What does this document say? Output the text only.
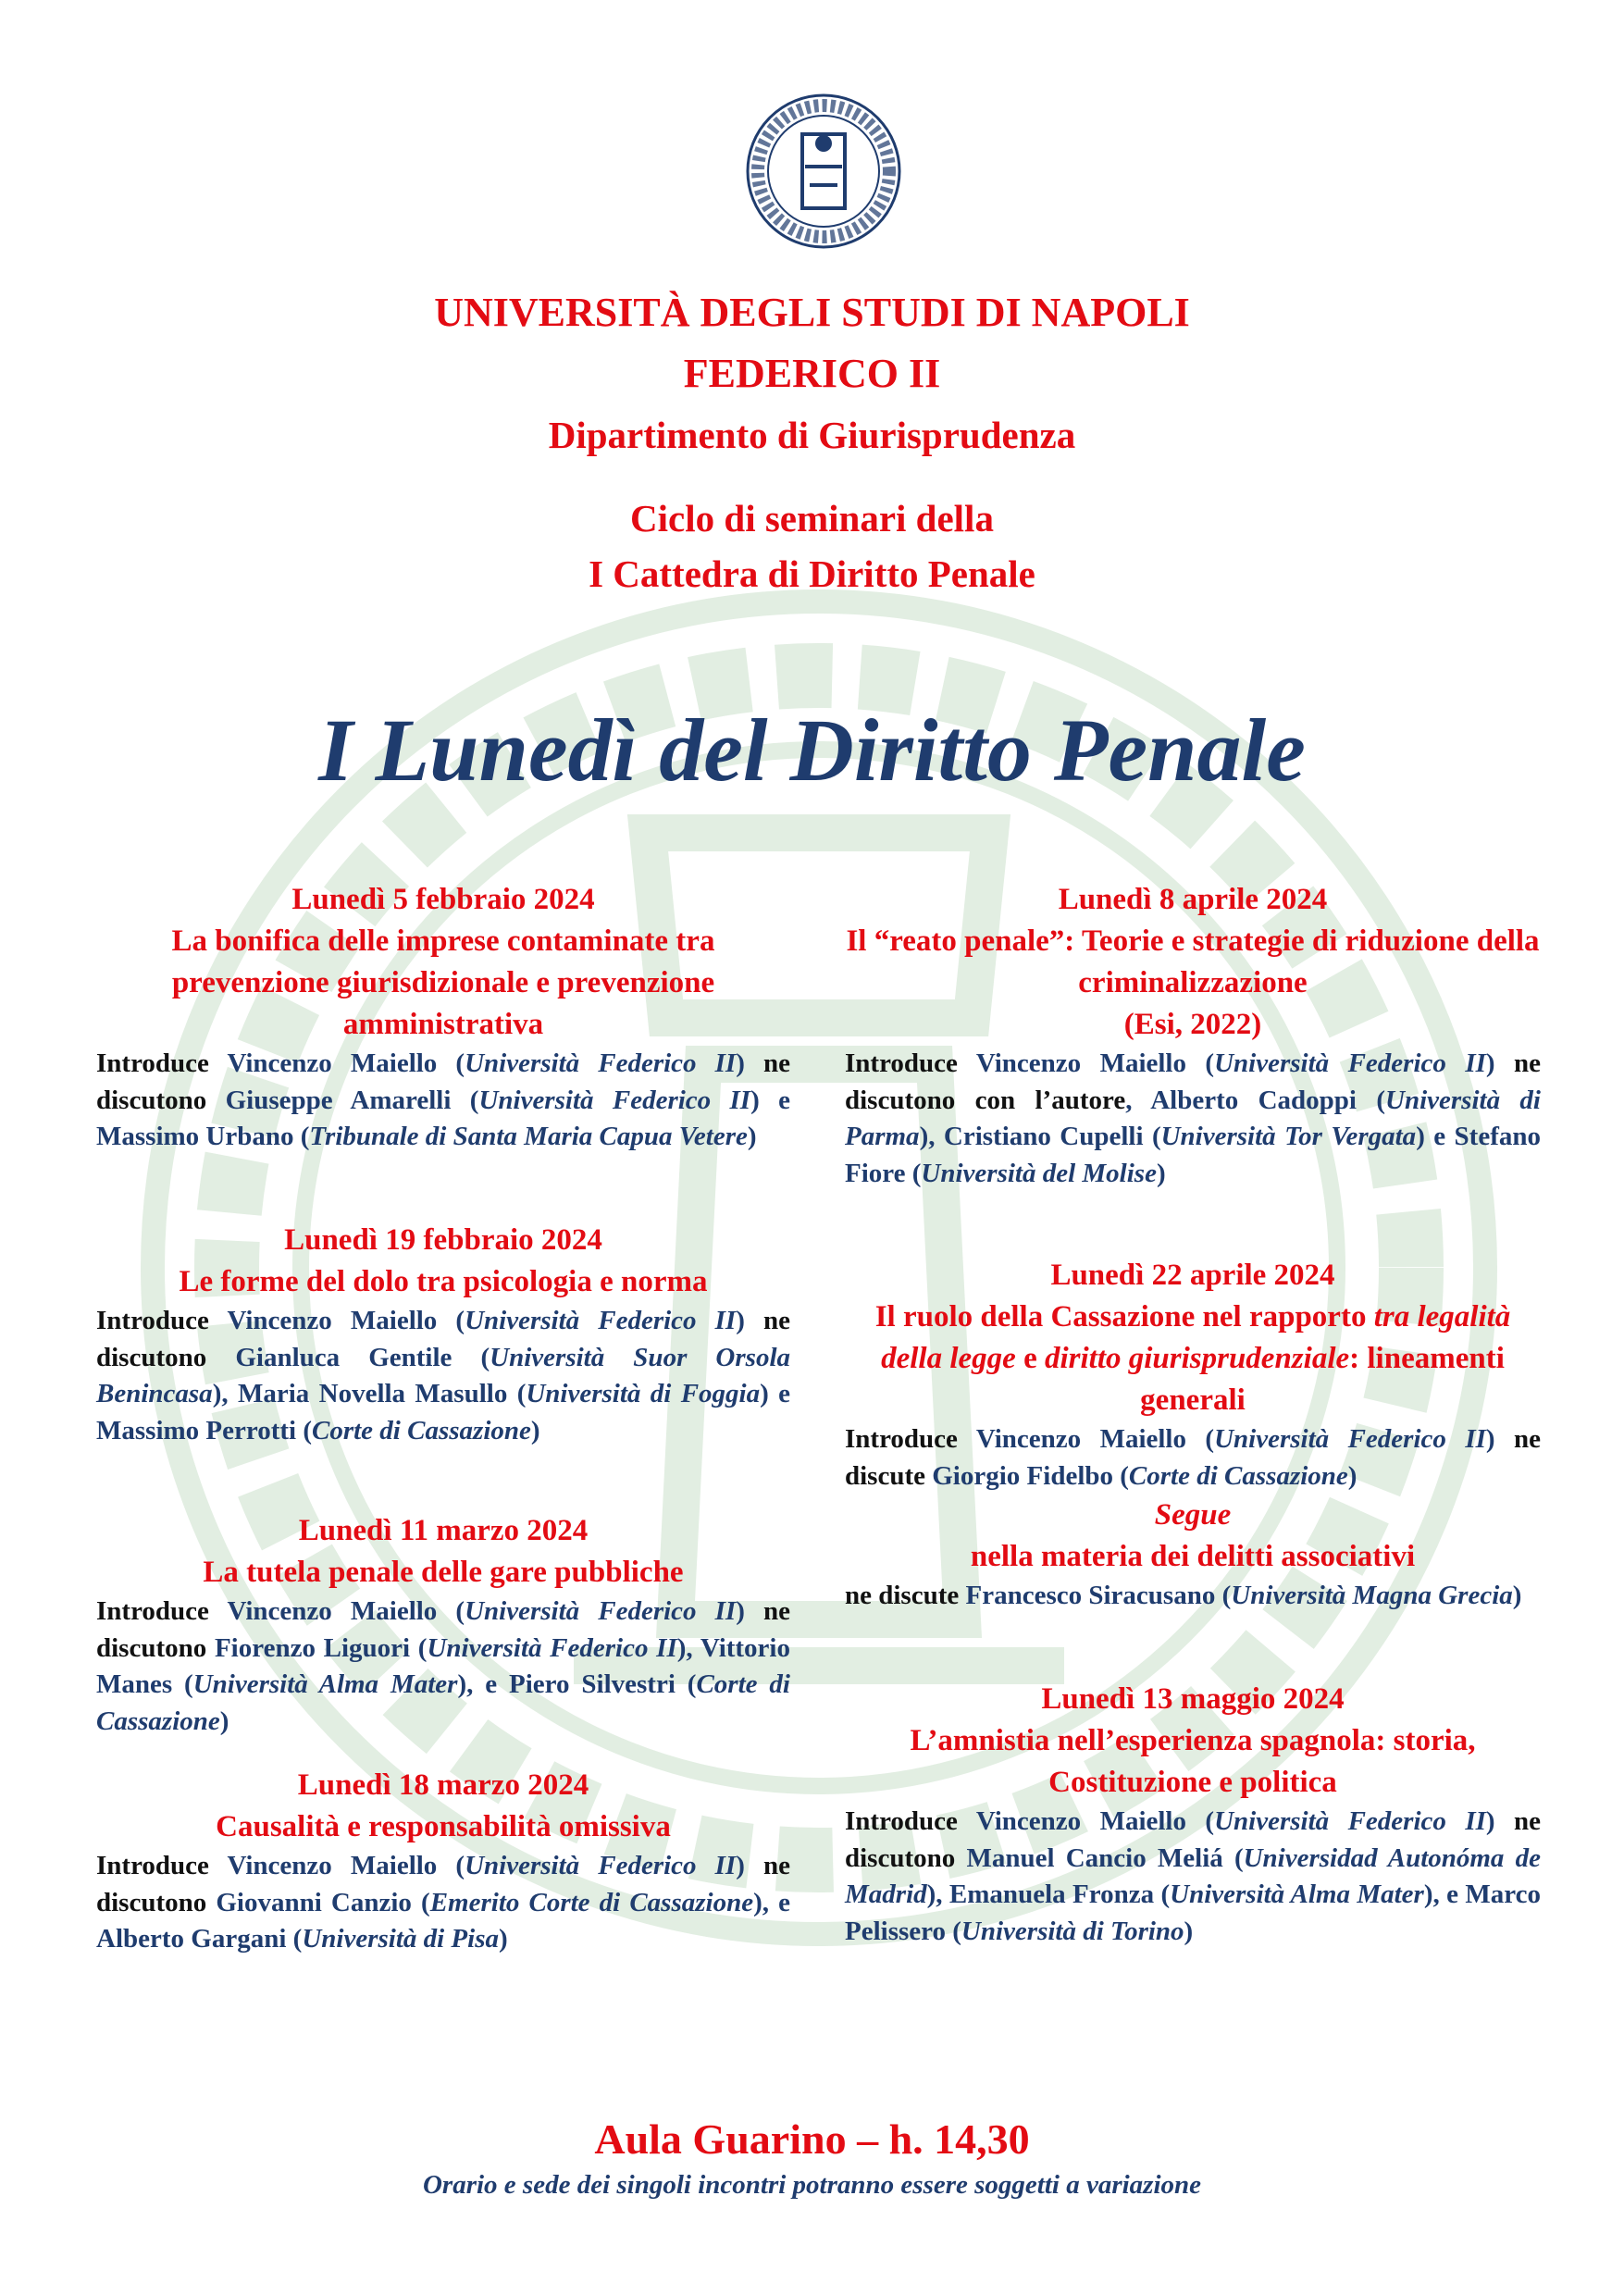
UNIVERSITÀ DEGLI STUDI DI NAPOLI
FEDERICO II
Dipartimento di Giurisprudenza
Ciclo di seminari della
I Cattedra di Diritto Penale
I Lunedì del Diritto Penale
Lunedì 5 febbraio 2024
La bonifica delle imprese contaminate tra prevenzione giurisdizionale e prevenzione amministrativa
Introduce Vincenzo Maiello (Università Federico II) ne discutono Giuseppe Amarelli (Università Federico II) e Massimo Urbano (Tribunale di Santa Maria Capua Vetere)
Lunedì 19 febbraio 2024
Le forme del dolo tra psicologia e norma
Introduce Vincenzo Maiello (Università Federico II) ne discutono Gianluca Gentile (Università Suor Orsola Benincasa), Maria Novella Masullo (Università di Foggia) e Massimo Perrotti (Corte di Cassazione)
Lunedì 11 marzo 2024
La tutela penale delle gare pubbliche
Introduce Vincenzo Maiello (Università Federico II) ne discutono Fiorenzo Liguori (Università Federico II), Vittorio Manes (Università Alma Mater), e Piero Silvestri (Corte di Cassazione)
Lunedì 18 marzo 2024
Causalità e responsabilità omissiva
Introduce Vincenzo Maiello (Università Federico II) ne discutono Giovanni Canzio (Emerito Corte di Cassazione), e Alberto Gargani (Università di Pisa)
Lunedì 8 aprile 2024
Il “reato penale”: Teorie e strategie di riduzione della criminalizzazione
(Esi, 2022)
Introduce Vincenzo Maiello (Università Federico II) ne discutono con l’autore, Alberto Cadoppi (Università di Parma), Cristiano Cupelli (Università Tor Vergata) e Stefano Fiore (Università del Molise)
Lunedì 22 aprile 2024
Il ruolo della Cassazione nel rapporto tra legalità della legge e diritto giurisprudenziale: lineamenti generali
Introduce Vincenzo Maiello (Università Federico II) ne discute Giorgio Fidelbo (Corte di Cassazione)
Segue
nella materia dei delitti associativi
ne discute Francesco Siracusano (Università Magna Grecia)
Lunedì 13 maggio 2024
L’amnistia nell’esperienza spagnola: storia, Costituzione e politica
Introduce Vincenzo Maiello (Università Federico II) ne discutono Manuel Cancio Meliá (Universidad Autonóma de Madrid), Emanuela Fronza (Università Alma Mater), e Marco Pelissero (Università di Torino)
Aula Guarino – h. 14,30
Orario e sede dei singoli incontri potranno essere soggetti a variazione
